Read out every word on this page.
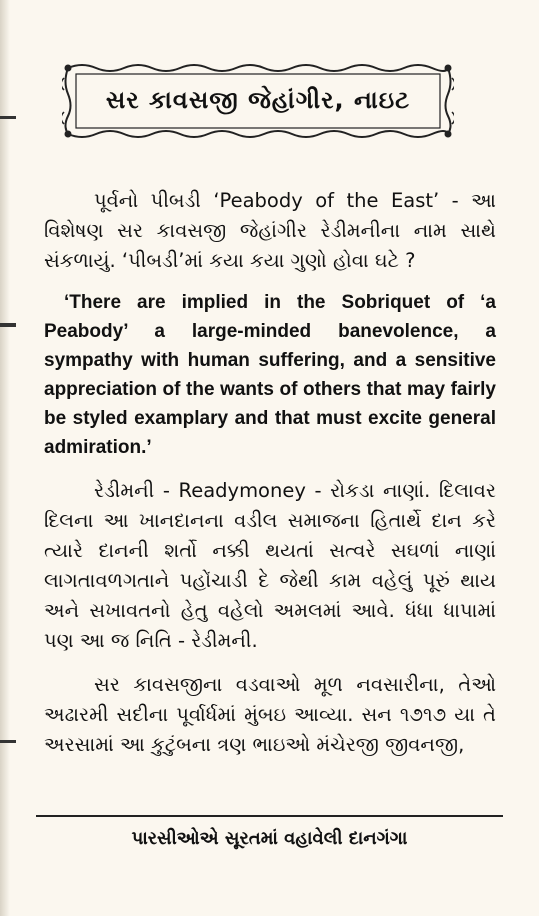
સર કાવસજી જેહાંગીર, નાઇટ

પૂર્વનો પીબડી ‘Peabody of the East’ - આ વિશેષણ સર કાવસજી જેહાંગીર રેડીમનીના નામ સાથે સંકળાયું. ‘પીબડી’માં કયા કયા ગુણો હોવા ઘટે ?

‘There are implied in the Sobriquet of ‘a Peabody’ a large-minded banevolence, a sympathy with human suffering, and a sensitive appreciation of the wants of others that may fairly be styled examplary and that must excite general admiration.’

રેડીમની - Readymoney - રોકડા નાણાં. દિલાવર દિલના આ ખાનદાનના વડીલ સમાજના હિતાર્થે દાન કરે ત્યારે દાનની શર્તો નક્કી થયતાં સત્વરે સઘળાં નાણાં લાગતાવળગતાને પહોંચાડી દે જેથી કામ વહેલું પૂરું થાય અને સખાવતનો હેતુ વહેલો અમલમાં આવે. ધંધા ધાપામાં પણ આ જ નિતિ - રેડીમની.

સર કાવસજીના વડવાઓ મૂળ નવસારીના, તેઓ અઢારમી સદીના પૂર્વાર્ધમાં મુંબઇ આવ્યા. સન ૧૭૧૭ યા તે અરસામાં આ કુટુંબના ત્રણ ભાઇઓ મંચેરજી જીવનજી,

પારસીઓએ સૂરતમાં વહાવેલી દાનગંગા
